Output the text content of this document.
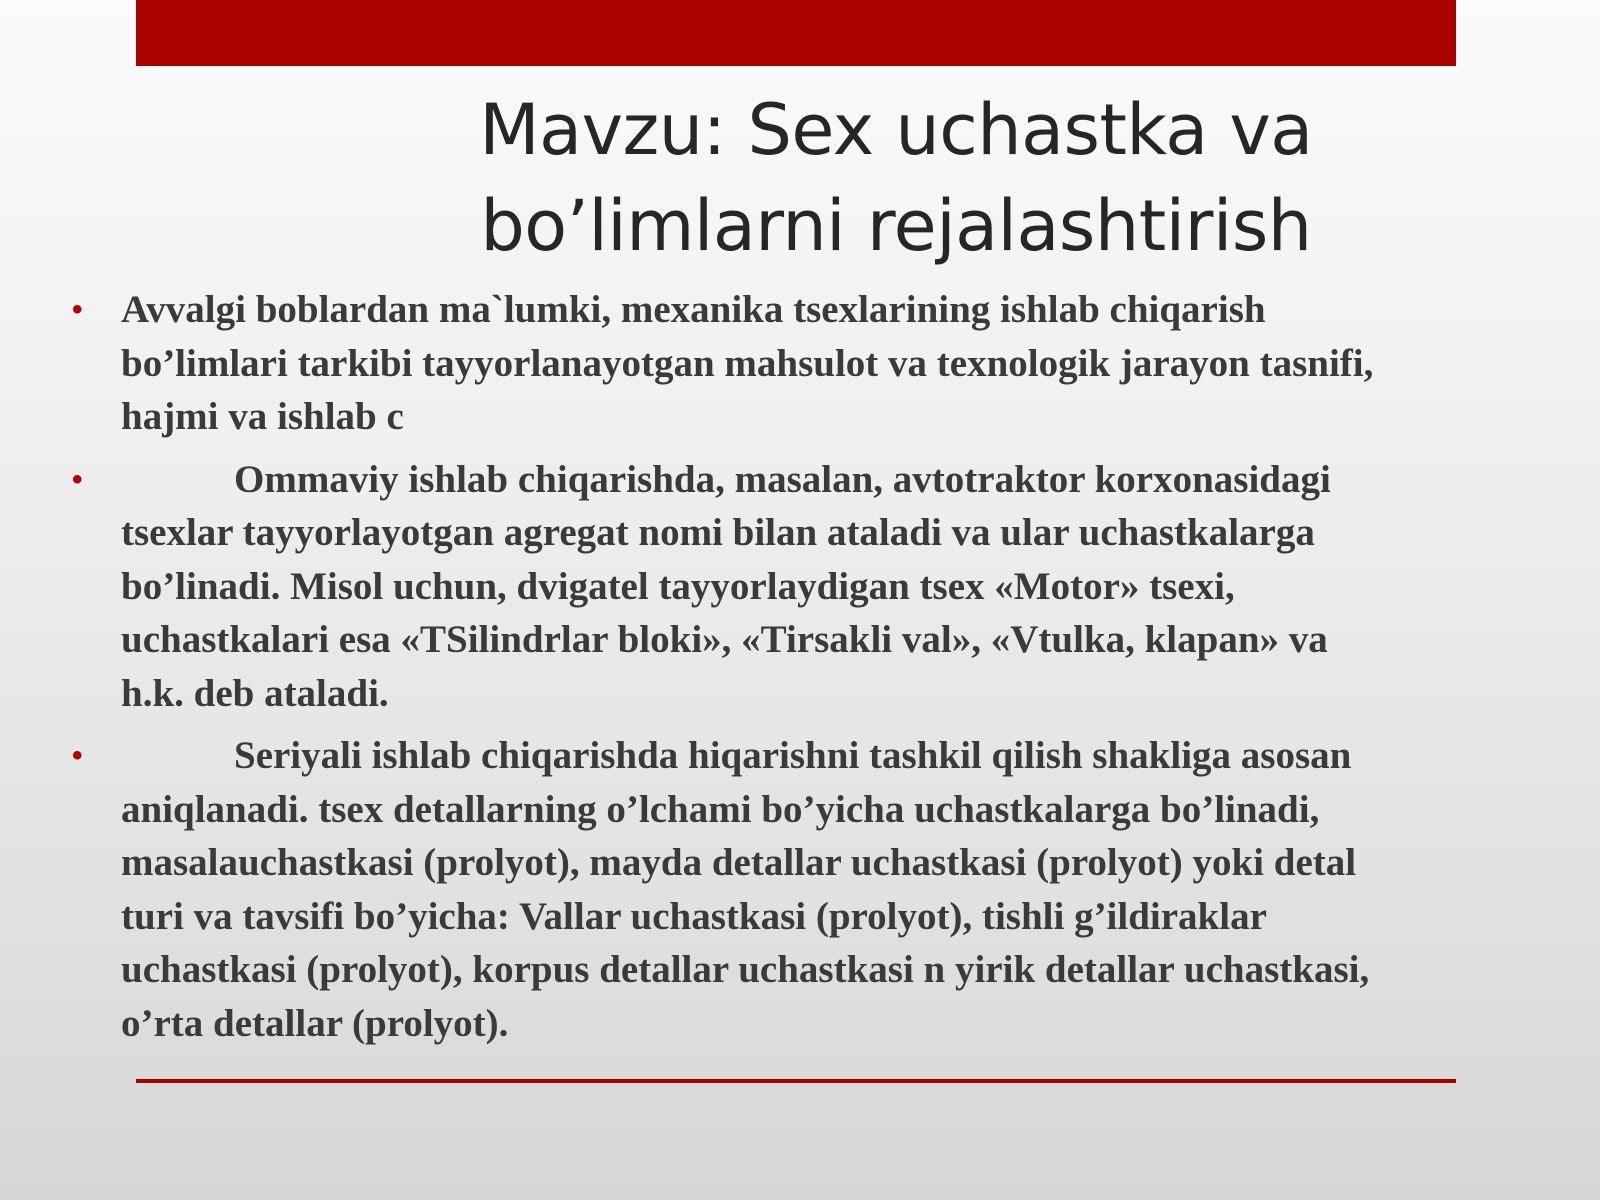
Mavzu: Sex uchastka va
bo’limlarni rejalashtirish
• Avvalgi boblardan ma`lumki, mexanika tsexlarining ishlab chiqarish
bo’limlari tarkibi tayyorlanayotgan mahsulot va texnologik jarayon tasnifi,
hajmi va ishlab c
•	Ommaviy ishlab chiqarishda, masalan, avtotraktor korxonasidagi
tsexlar tayyorlayotgan agregat nomi bilan ataladi va ular uchastkalarga
bo’linadi. Misol uchun, dvigatel tayyorlaydigan tsex «Motor» tsexi,
uchastkalari esa «TSilindrlar bloki», «Tirsakli val», «Vtulka, klapan» va
h.k. deb ataladi.
•	Seriyali ishlab chiqarishda hiqarishni tashkil qilish shakliga asosan
aniqlanadi. tsex detallarning o’lchami bo’yicha uchastkalarga bo’linadi,
masalauchastkasi (prolyot), mayda detallar uchastkasi (prolyot) yoki detal
turi va tavsifi bo’yicha: Vallar uchastkasi (prolyot), tishli g’ildiraklar
uchastkasi (prolyot), korpus detallar uchastkasi n yirik detallar uchastkasi,
o’rta detallar (prolyot).
